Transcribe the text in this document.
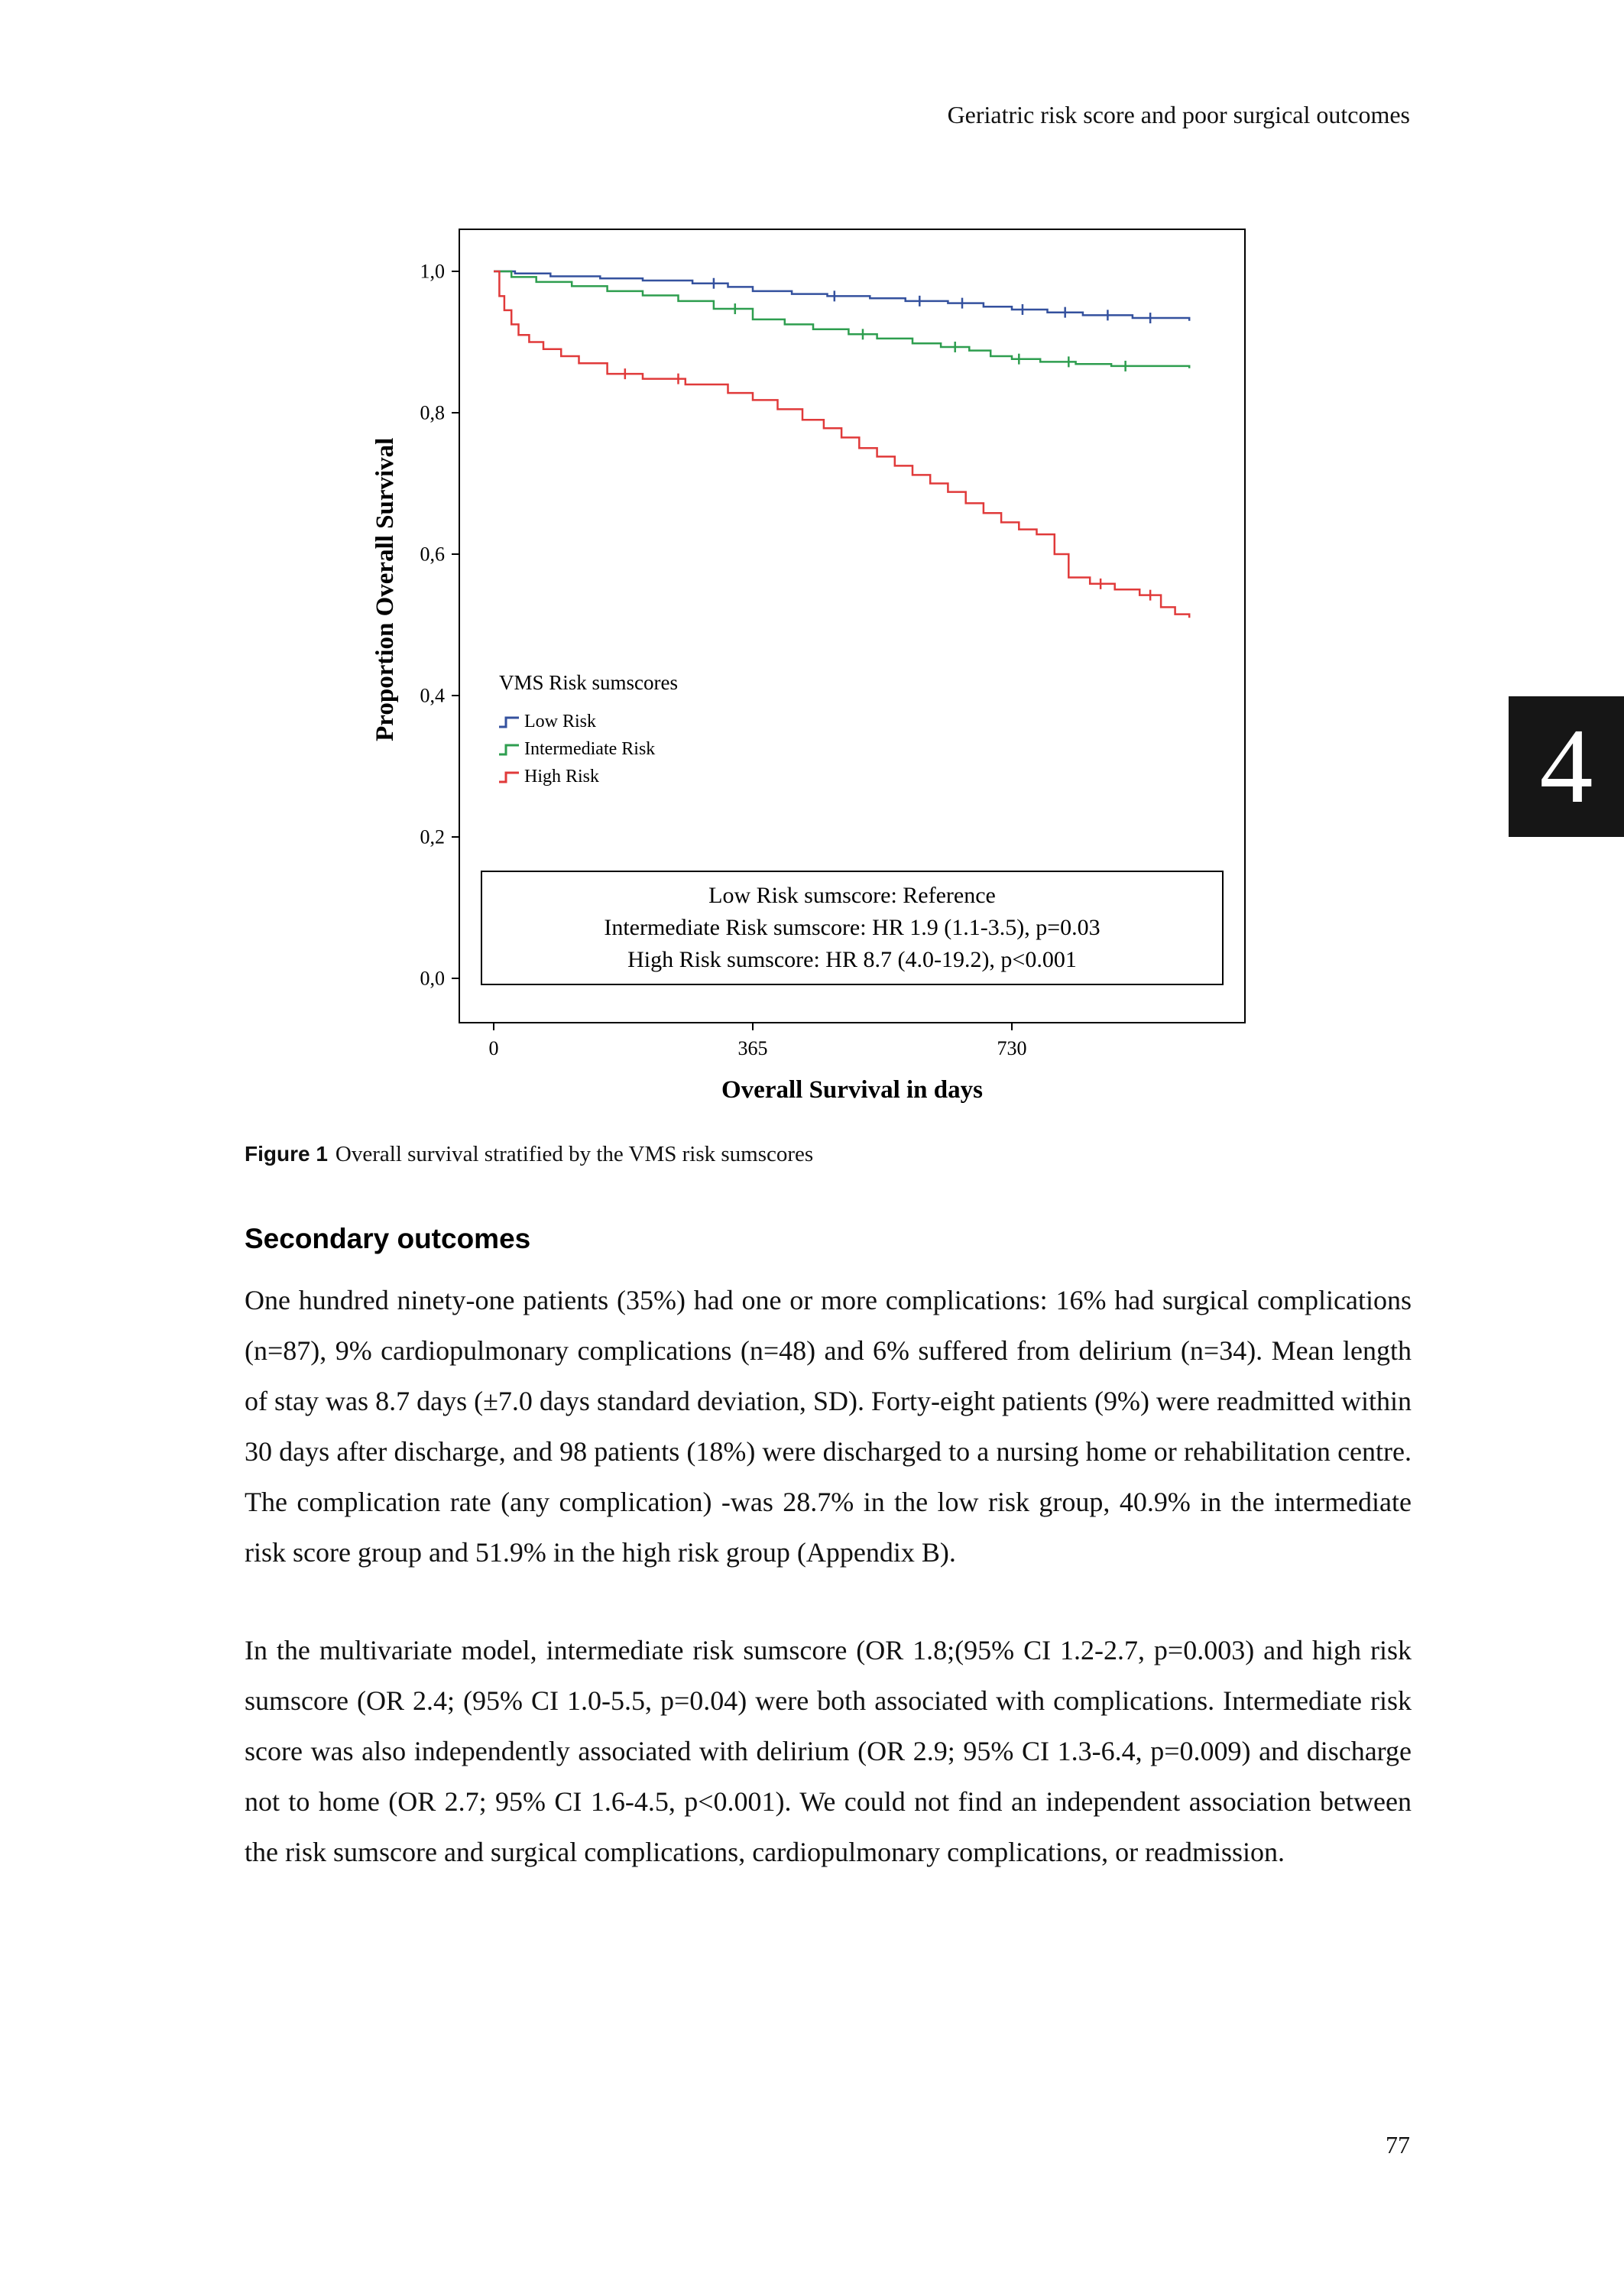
Geriatric risk score and poor surgical outcomes
4
0,0
0,2
0,4
0,6
0,8
1,0
0	365	730
Overall Survival in days
Proportion Overall Survival	VMS Risk sumscores
Low Risk
Intermediate Risk
High Risk
Low Risk sumscore: Reference
Intermediate Risk sumscore: HR 1.9 (1.1-3.5), p=0.03
High Risk sumscore: HR 8.7 (4.0-19.2), p<0.001
Figure 1 Overall survival stratified by the VMS risk sumscores
Secondary outcomes

One hundred ninety-one patients (35%) had one or more complications: 16% had surgical complications (n=87), 9% cardiopulmonary complications (n=48) and 6% suffered from delirium (n=34). Mean length of stay was 8.7 days (±7.0 days standard deviation, SD). Forty-eight patients (9%) were readmitted within 30 days after discharge, and 98 patients (18%) were discharged to a nursing home or rehabilitation centre. The complication rate (any complication) -was 28.7% in the low risk group, 40.9% in the intermediate risk score group and 51.9% in the high risk group (Appendix B).

In the multivariate model, intermediate risk sumscore (OR 1.8;(95% CI 1.2-2.7, p=0.003) and high risk sumscore (OR 2.4; (95% CI 1.0-5.5, p=0.04) were both associated with complications. Intermediate risk score was also independently associated with delirium (OR 2.9; 95% CI 1.3-6.4, p=0.009) and discharge not to home (OR 2.7; 95% CI 1.6-4.5, p<0.001). We could not find an independent association between the risk sumscore and surgical complications, cardiopulmonary complications, or readmission.

77
